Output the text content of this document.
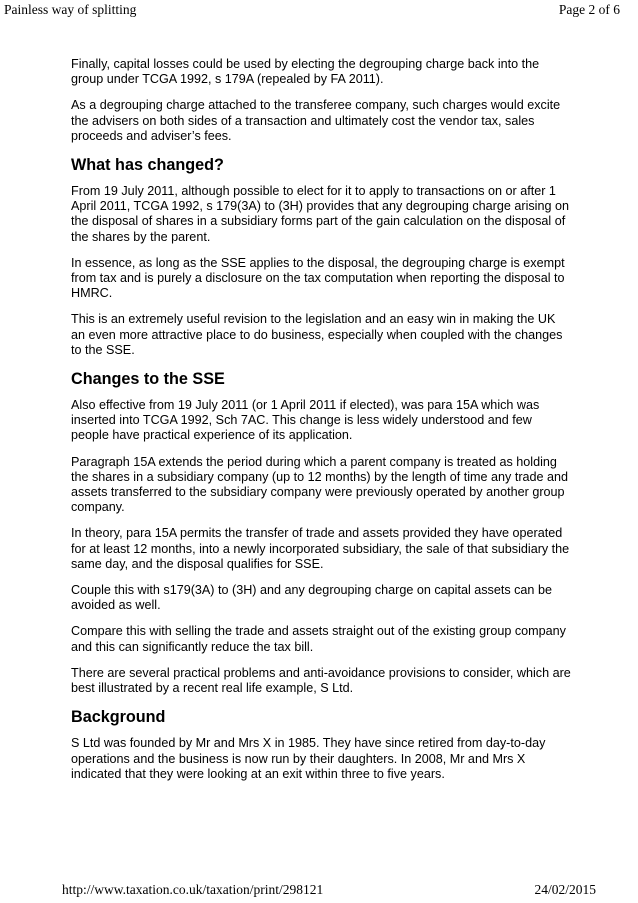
Painless way of splitting	Page 2 of 6

Finally, capital losses could be used by electing the degrouping charge back into the group under TCGA 1992, s 179A (repealed by FA 2011).

As a degrouping charge attached to the transferee company, such charges would excite the advisers on both sides of a transaction and ultimately cost the vendor tax, sales proceeds and adviser’s fees.

What has changed?

From 19 July 2011, although possible to elect for it to apply to transactions on or after 1 April 2011, TCGA 1992, s 179(3A) to (3H) provides that any degrouping charge arising on the disposal of shares in a subsidiary forms part of the gain calculation on the disposal of the shares by the parent.

In essence, as long as the SSE applies to the disposal, the degrouping charge is exempt from tax and is purely a disclosure on the tax computation when reporting the disposal to HMRC.

This is an extremely useful revision to the legislation and an easy win in making the UK an even more attractive place to do business, especially when coupled with the changes to the SSE.

Changes to the SSE

Also effective from 19 July 2011 (or 1 April 2011 if elected), was para 15A which was inserted into TCGA 1992, Sch 7AC. This change is less widely understood and few people have practical experience of its application.

Paragraph 15A extends the period during which a parent company is treated as holding the shares in a subsidiary company (up to 12 months) by the length of time any trade and assets transferred to the subsidiary company were previously operated by another group company.

In theory, para 15A permits the transfer of trade and assets provided they have operated for at least 12 months, into a newly incorporated subsidiary, the sale of that subsidiary the same day, and the disposal qualifies for SSE.

Couple this with s179(3A) to (3H) and any degrouping charge on capital assets can be avoided as well.

Compare this with selling the trade and assets straight out of the existing group company and this can significantly reduce the tax bill.

There are several practical problems and anti-avoidance provisions to consider, which are best illustrated by a recent real life example, S Ltd.

Background

S Ltd was founded by Mr and Mrs X in 1985. They have since retired from day-to-day operations and the business is now run by their daughters. In 2008, Mr and Mrs X indicated that they were looking at an exit within three to five years.

http://www.taxation.co.uk/taxation/print/298121	24/02/2015
